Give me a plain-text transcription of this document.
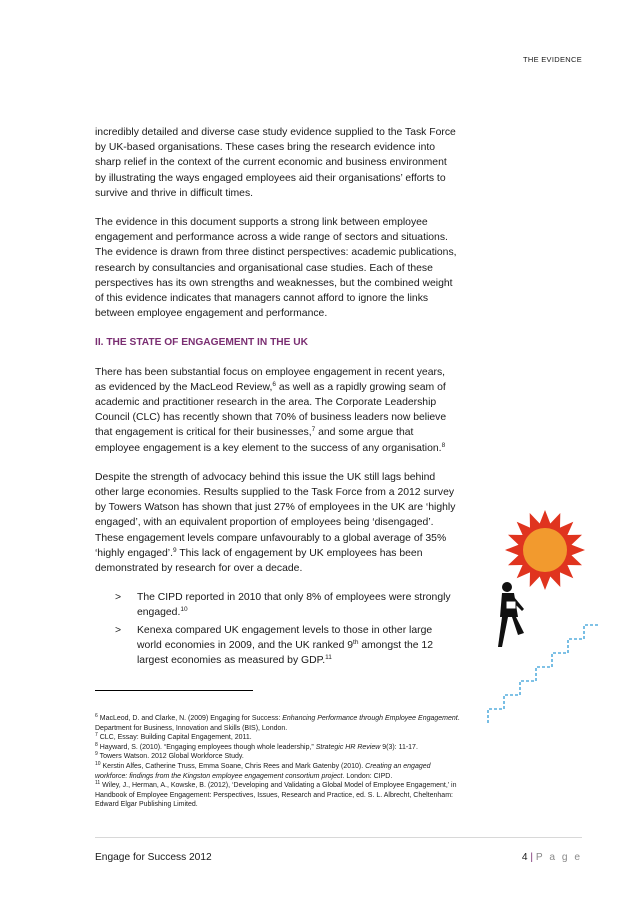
THE EVIDENCE

incredibly detailed and diverse case study evidence supplied to the Task Force by UK-based organisations. These cases bring the research evidence into sharp relief in the context of the current economic and business environment by illustrating the ways engaged employees aid their organisations’ efforts to survive and thrive in difficult times.

The evidence in this document supports a strong link between employee engagement and performance across a wide range of sectors and situations. The evidence is drawn from three distinct perspectives: academic publications, research by consultancies and organisational case studies. Each of these perspectives has its own strengths and weaknesses, but the combined weight of this evidence indicates that managers cannot afford to ignore the links between employee engagement and performance.

II. THE STATE OF ENGAGEMENT IN THE UK

There has been substantial focus on employee engagement in recent years, as evidenced by the MacLeod Review,$^6$ as well as a rapidly growing seam of academic and practitioner research in the area. The Corporate Leadership Council (CLC) has recently shown that 70% of business leaders now believe that engagement is critical for their businesses,$^7$ and some argue that employee engagement is a key element to the success of any organisation.$^8$

Despite the strength of advocacy behind this issue the UK still lags behind other large economies. Results supplied to the Task Force from a 2012 survey by Towers Watson has shown that just 27% of employees in the UK are ‘highly engaged’, with an equivalent proportion of employees being ‘disengaged’. These engagement levels compare unfavourably to a global average of 35% ‘highly engaged’.$^9$ This lack of engagement by UK employees has been demonstrated by research for over a decade.

> The CIPD reported in 2010 that only 8% of employees were strongly engaged.$^{10}$
> Kenexa compared UK engagement levels to those in other large world economies in 2009, and the UK ranked 9th amongst the 12 largest economies as measured by GDP.$^{11}$
$^6$ MacLeod, D. and Clarke, N. (2009) Engaging for Success: Enhancing Performance through Employee Engagement. Department for Business, Innovation and Skills (BIS), London.
$^7$ CLC, Essay: Building Capital Engagement, 2011.
$^8$ Hayward, S. (2010). “Engaging employees though whole leadership,” Strategic HR Review 9(3): 11-17.
$^9$ Towers Watson. 2012 Global Workforce Study.
$^{10}$ Kerstin Alfes, Catherine Truss, Emma Soane, Chris Rees and Mark Gatenby (2010). Creating an engaged workforce: findings from the Kingston employee engagement consortium project. London: CIPD.
$^{11}$ Wiley, J., Herman, A., Kowske, B. (2012), ‘Developing and Validating a Global Model of Employee Engagement,’ in Handbook of Employee Engagement: Perspectives, Issues, Research and Practice, ed. S. L. Albrecht, Cheltenham: Edward Elgar Publishing Limited.
Engage for Success 2012	4 | P a g e
